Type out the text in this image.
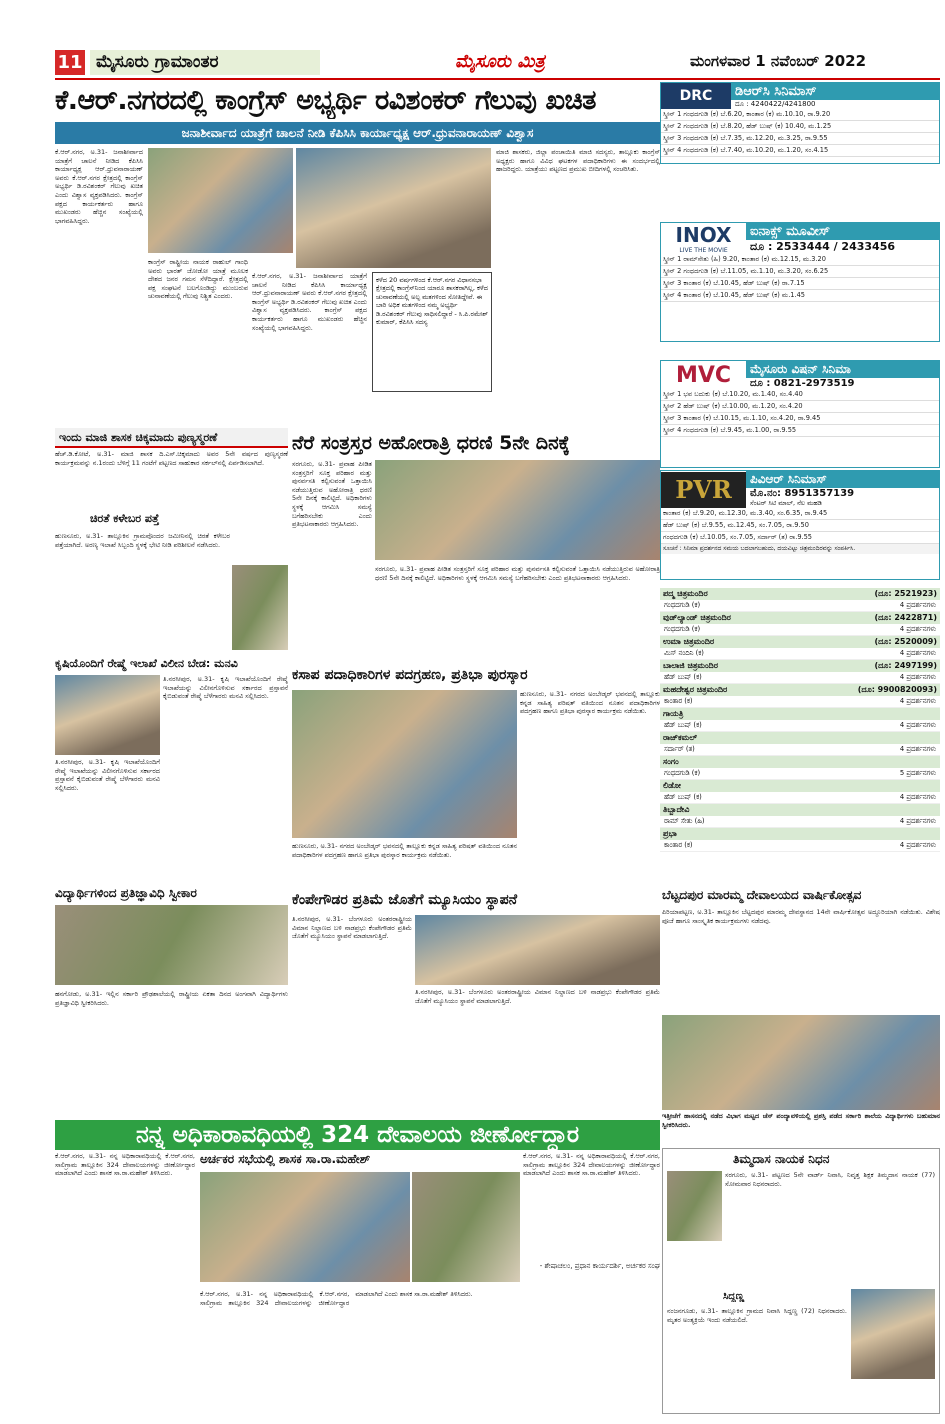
11 ಮೈಸೂರು ಗ್ರಾಮಾಂತರ	ಮೈಸೂರು ಮಿತ್ರ	ಮಂಗಳವಾರ 1 ನವೆಂಬರ್ 2022
ಕೆ.ಆರ್.ನಗರದಲ್ಲಿ ಕಾಂಗ್ರೆಸ್ ಅಭ್ಯರ್ಥಿ ರವಿಶಂಕರ್ ಗೆಲುವು ಖಚಿತ
ಜನಾಶೀರ್ವಾದ ಯಾತ್ರೆಗೆ ಚಾಲನೆ ನೀಡಿ ಕೆಪಿಸಿಸಿ ಕಾರ್ಯಾಧ್ಯಕ್ಷ ಆರ್.ಧ್ರುವನಾರಾಯಣ್ ವಿಶ್ವಾಸ
ಕೆ.ಆರ್.ನಗರ, ಅ.31- ಜನಾಶೀರ್ವಾದ ಯಾತ್ರೆಗೆ ಚಾಲನೆ ನೀಡಿದ ಕೆಪಿಸಿಸಿ ಕಾರ್ಯಾಧ್ಯಕ್ಷ ಆರ್.ಧ್ರುವನಾರಾಯಣ್ ಅವರು ಕೆ.ಆರ್.ನಗರ ಕ್ಷೇತ್ರದಲ್ಲಿ ಕಾಂಗ್ರೆಸ್ ಅಭ್ಯರ್ಥಿ ಡಿ.ರವಿಶಂಕರ್ ಗೆಲುವು ಖಚಿತ ಎಂದು ವಿಶ್ವಾಸ ವ್ಯಕ್ತಪಡಿಸಿದರು. ಕಾಂಗ್ರೆಸ್ ಪಕ್ಷದ ಕಾರ್ಯಕರ್ತರು ಹಾಗೂ ಮುಖಂಡರು ಹೆಚ್ಚಿನ ಸಂಖ್ಯೆಯಲ್ಲಿ ಭಾಗವಹಿಸಿದ್ದರು.
ಕಾಂಗ್ರೆಸ್ ರಾಷ್ಟ್ರೀಯ ನಾಯಕ ರಾಹುಲ್ ಗಾಂಧಿ ಅವರು ಭಾರತ್ ಜೋಡೋ ಯಾತ್ರೆ ಮೂಲಕ ದೇಶದ ಜನರ ಗಮನ ಸೆಳೆದಿದ್ದಾರೆ. ಕ್ಷೇತ್ರದಲ್ಲಿ ಪಕ್ಷ ಸಂಘಟನೆ ಬಲಗೊಂಡಿದ್ದು ಮುಂಬರುವ ಚುನಾವಣೆಯಲ್ಲಿ ಗೆಲುವು ನಿಶ್ಚಿತ ಎಂದರು.
ಕೆ.ಆರ್.ನಗರ, ಅ.31- ಜನಾಶೀರ್ವಾದ ಯಾತ್ರೆಗೆ ಚಾಲನೆ ನೀಡಿದ ಕೆಪಿಸಿಸಿ ಕಾರ್ಯಾಧ್ಯಕ್ಷ ಆರ್.ಧ್ರುವನಾರಾಯಣ್ ಅವರು ಕೆ.ಆರ್.ನಗರ ಕ್ಷೇತ್ರದಲ್ಲಿ ಕಾಂಗ್ರೆಸ್ ಅಭ್ಯರ್ಥಿ ಡಿ.ರವಿಶಂಕರ್ ಗೆಲುವು ಖಚಿತ ಎಂದು ವಿಶ್ವಾಸ ವ್ಯಕ್ತಪಡಿಸಿದರು. ಕಾಂಗ್ರೆಸ್ ಪಕ್ಷದ ಕಾರ್ಯಕರ್ತರು ಹಾಗೂ ಮುಖಂಡರು ಹೆಚ್ಚಿನ ಸಂಖ್ಯೆಯಲ್ಲಿ ಭಾಗವಹಿಸಿದ್ದರು.
ಕಳೆದ 20 ವರ್ಷಗಳಿಂದ ಕೆ.ಆರ್.ನಗರ ವಿಧಾನಸಭಾ ಕ್ಷೇತ್ರದಲ್ಲಿ ಕಾಂಗ್ರೆಸ್‌ನಿಂದ ಯಾರೂ ಶಾಸಕರಾಗಿಲ್ಲ, ಕಳೆದ ಚುನಾವಣೆಯಲ್ಲಿ ಅಲ್ಪ ಮತಗಳಿಂದ ಸೋತಿದ್ದೇವೆ. ಈ ಬಾರಿ ಅಧಿಕ ಮತಗಳಿಂದ ನಮ್ಮ ಅಭ್ಯರ್ಥಿ ಡಿ.ರವಿಶಂಕರ್ ಗೆಲುವು ಸಾಧಿಸಲಿದ್ದಾರೆ - ಸಿ.ಪಿ.ರಮೇಶ್ ಕುಮಾರ್, ಕೆಪಿಸಿಸಿ ಸದಸ್ಯ
ಮಾಜಿ ಶಾಸಕರು, ಜಿಲ್ಲಾ ಪಂಚಾಯಿತಿ ಮಾಜಿ ಸದಸ್ಯರು, ತಾಲ್ಲೂಕು ಕಾಂಗ್ರೆಸ್ ಅಧ್ಯಕ್ಷರು ಹಾಗೂ ವಿವಿಧ ಘಟಕಗಳ ಪದಾಧಿಕಾರಿಗಳು ಈ ಸಂದರ್ಭದಲ್ಲಿ ಹಾಜರಿದ್ದರು. ಯಾತ್ರೆಯು ಪಟ್ಟಣದ ಪ್ರಮುಖ ಬೀದಿಗಳಲ್ಲಿ ಸಂಚರಿಸಿತು.
ಇಂದು ಮಾಜಿ ಶಾಸಕ ಚಿಕ್ಕಮಾದು ಪುಣ್ಯಸ್ಮರಣೆ
ಹೆಚ್.ಡಿ.ಕೋಟೆ, ಅ.31- ಮಾಜಿ ಶಾಸಕ ದಿ.ಎಸ್.ಚಿಕ್ಕಮಾದು ಅವರ 5ನೇ ವರ್ಷದ ಪುಣ್ಯಸ್ಮರಣೆ ಕಾರ್ಯಕ್ರಮವನ್ನು ನ.1ರಂದು ಬೆಳಿಗ್ಗೆ 11 ಗಂಟೆಗೆ ಪಟ್ಟಣದ ಸಾಹುಕಾರ ಸರ್ಕಲ್‌ನಲ್ಲಿ ಏರ್ಪಡಿಸಲಾಗಿದೆ.
ಚಿರತೆ ಕಳೇಬರ ಪತ್ತೆ
ಹುಣಸೂರು, ಅ.31- ತಾಲ್ಲೂಕಿನ ಗ್ರಾಮವೊಂದರ ಜಮೀನಿನಲ್ಲಿ ಚಿರತೆ ಕಳೇಬರ ಪತ್ತೆಯಾಗಿದೆ. ಅರಣ್ಯ ಇಲಾಖೆ ಸಿಬ್ಬಂದಿ ಸ್ಥಳಕ್ಕೆ ಭೇಟಿ ನೀಡಿ ಪರಿಶೀಲನೆ ನಡೆಸಿದರು.
ನೆರೆ ಸಂತ್ರಸ್ತರ ಅಹೋರಾತ್ರಿ ಧರಣಿ 5ನೇ ದಿನಕ್ಕೆ
ಸರಗೂರು, ಅ.31- ಪ್ರವಾಹ ಪೀಡಿತ ಸಂತ್ರಸ್ತರಿಗೆ ಸೂಕ್ತ ಪರಿಹಾರ ಮತ್ತು ಪುನರ್ವಸತಿ ಕಲ್ಪಿಸುವಂತೆ ಒತ್ತಾಯಿಸಿ ನಡೆಯುತ್ತಿರುವ ಅಹೋರಾತ್ರಿ ಧರಣಿ 5ನೇ ದಿನಕ್ಕೆ ಕಾಲಿಟ್ಟಿದೆ. ಅಧಿಕಾರಿಗಳು ಸ್ಥಳಕ್ಕೆ ಆಗಮಿಸಿ ಸಮಸ್ಯೆ ಬಗೆಹರಿಸಬೇಕು ಎಂದು ಪ್ರತಿಭಟನಾಕಾರರು ಆಗ್ರಹಿಸಿದರು.
ಸರಗೂರು, ಅ.31- ಪ್ರವಾಹ ಪೀಡಿತ ಸಂತ್ರಸ್ತರಿಗೆ ಸೂಕ್ತ ಪರಿಹಾರ ಮತ್ತು ಪುನರ್ವಸತಿ ಕಲ್ಪಿಸುವಂತೆ ಒತ್ತಾಯಿಸಿ ನಡೆಯುತ್ತಿರುವ ಅಹೋರಾತ್ರಿ ಧರಣಿ 5ನೇ ದಿನಕ್ಕೆ ಕಾಲಿಟ್ಟಿದೆ. ಅಧಿಕಾರಿಗಳು ಸ್ಥಳಕ್ಕೆ ಆಗಮಿಸಿ ಸಮಸ್ಯೆ ಬಗೆಹರಿಸಬೇಕು ಎಂದು ಪ್ರತಿಭಟನಾಕಾರರು ಆಗ್ರಹಿಸಿದರು.
ಕೃಷಿಯೊಂದಿಗೆ ರೇಷ್ಮೆ ಇಲಾಖೆ ವಿಲೀನ ಬೇಡ: ಮನವಿ
ತಿ.ನರಸೀಪುರ, ಅ.31- ಕೃಷಿ ಇಲಾಖೆಯೊಂದಿಗೆ ರೇಷ್ಮೆ ಇಲಾಖೆಯನ್ನು ವಿಲೀನಗೊಳಿಸುವ ಸರ್ಕಾರದ ಪ್ರಸ್ತಾವನೆ ಕೈಬಿಡುವಂತೆ ರೇಷ್ಮೆ ಬೆಳೆಗಾರರು ಮನವಿ ಸಲ್ಲಿಸಿದರು.
ತಿ.ನರಸೀಪುರ, ಅ.31- ಕೃಷಿ ಇಲಾಖೆಯೊಂದಿಗೆ ರೇಷ್ಮೆ ಇಲಾಖೆಯನ್ನು ವಿಲೀನಗೊಳಿಸುವ ಸರ್ಕಾರದ ಪ್ರಸ್ತಾವನೆ ಕೈಬಿಡುವಂತೆ ರೇಷ್ಮೆ ಬೆಳೆಗಾರರು ಮನವಿ ಸಲ್ಲಿಸಿದರು.
ಕಸಾಪ ಪದಾಧಿಕಾರಿಗಳ ಪದಗ್ರಹಣ, ಪ್ರತಿಭಾ ಪುರಸ್ಕಾರ
ಹುಣಸೂರು, ಅ.31- ನಗರದ ಅಂಬೇಡ್ಕರ್ ಭವನದಲ್ಲಿ ತಾಲ್ಲೂಕು ಕನ್ನಡ ಸಾಹಿತ್ಯ ಪರಿಷತ್ ವತಿಯಿಂದ ನೂತನ ಪದಾಧಿಕಾರಿಗಳ ಪದಗ್ರಹಣ ಹಾಗೂ ಪ್ರತಿಭಾ ಪುರಸ್ಕಾರ ಕಾರ್ಯಕ್ರಮ ನಡೆಯಿತು.
ಹುಣಸೂರು, ಅ.31- ನಗರದ ಅಂಬೇಡ್ಕರ್ ಭವನದಲ್ಲಿ ತಾಲ್ಲೂಕು ಕನ್ನಡ ಸಾಹಿತ್ಯ ಪರಿಷತ್ ವತಿಯಿಂದ ನೂತನ ಪದಾಧಿಕಾರಿಗಳ ಪದಗ್ರಹಣ ಹಾಗೂ ಪ್ರತಿಭಾ ಪುರಸ್ಕಾರ ಕಾರ್ಯಕ್ರಮ ನಡೆಯಿತು.
ವಿದ್ಯಾರ್ಥಿಗಳಿಂದ ಪ್ರತಿಜ್ಞಾವಿಧಿ ಸ್ವೀಕಾರ
ಹನಗೋಡು, ಅ.31- ಇಲ್ಲಿನ ಸರ್ಕಾರಿ ಪ್ರೌಢಶಾಲೆಯಲ್ಲಿ ರಾಷ್ಟ್ರೀಯ ಏಕತಾ ದಿನದ ಅಂಗವಾಗಿ ವಿದ್ಯಾರ್ಥಿಗಳು ಪ್ರತಿಜ್ಞಾವಿಧಿ ಸ್ವೀಕರಿಸಿದರು.
ಕೆಂಪೇಗೌಡರ ಪ್ರತಿಮೆ ಜೊತೆಗೆ ಮ್ಯೂಸಿಯಂ ಸ್ಥಾಪನೆ
ತಿ.ನರಸೀಪುರ, ಅ.31- ಬೆಂಗಳೂರು ಅಂತರರಾಷ್ಟ್ರೀಯ ವಿಮಾನ ನಿಲ್ದಾಣದ ಬಳಿ ನಾಡಪ್ರಭು ಕೆಂಪೇಗೌಡರ ಪ್ರತಿಮೆ ಜೊತೆಗೆ ಮ್ಯೂಸಿಯಂ ಸ್ಥಾಪನೆ ಮಾಡಲಾಗುತ್ತಿದೆ.
ತಿ.ನರಸೀಪುರ, ಅ.31- ಬೆಂಗಳೂರು ಅಂತರರಾಷ್ಟ್ರೀಯ ವಿಮಾನ ನಿಲ್ದಾಣದ ಬಳಿ ನಾಡಪ್ರಭು ಕೆಂಪೇಗೌಡರ ಪ್ರತಿಮೆ ಜೊತೆಗೆ ಮ್ಯೂಸಿಯಂ ಸ್ಥಾಪನೆ ಮಾಡಲಾಗುತ್ತಿದೆ.
ನನ್ನ ಅಧಿಕಾರಾವಧಿಯಲ್ಲಿ 324 ದೇವಾಲಯ ಜೀರ್ಣೋದ್ಧಾರ
ಅರ್ಚಕರ ಸಭೆಯಲ್ಲಿ ಶಾಸಕ ಸಾ.ರಾ.ಮಹೇಶ್
ಕೆ.ಆರ್.ನಗರ, ಅ.31- ನನ್ನ ಅಧಿಕಾರಾವಧಿಯಲ್ಲಿ ಕೆ.ಆರ್.ನಗರ, ಸಾಲಿಗ್ರಾಮ ತಾಲ್ಲೂಕಿನ 324 ದೇವಾಲಯಗಳನ್ನು ಜೀರ್ಣೋದ್ಧಾರ ಮಾಡಲಾಗಿದೆ ಎಂದು ಶಾಸಕ ಸಾ.ರಾ.ಮಹೇಶ್ ತಿಳಿಸಿದರು.
ಕೆ.ಆರ್.ನಗರ, ಅ.31- ನನ್ನ ಅಧಿಕಾರಾವಧಿಯಲ್ಲಿ ಕೆ.ಆರ್.ನಗರ, ಸಾಲಿಗ್ರಾಮ ತಾಲ್ಲೂಕಿನ 324 ದೇವಾಲಯಗಳನ್ನು ಜೀರ್ಣೋದ್ಧಾರ ಮಾಡಲಾಗಿದೆ ಎಂದು ಶಾಸಕ ಸಾ.ರಾ.ಮಹೇಶ್ ತಿಳಿಸಿದರು.
- ಶೇಷಾಚಲಂ, ಪ್ರಧಾನ ಕಾರ್ಯದರ್ಶಿ, ಅರ್ಚಕರ ಸಂಘ
ಕೆ.ಆರ್.ನಗರ, ಅ.31- ನನ್ನ ಅಧಿಕಾರಾವಧಿಯಲ್ಲಿ ಕೆ.ಆರ್.ನಗರ, ಸಾಲಿಗ್ರಾಮ ತಾಲ್ಲೂಕಿನ 324 ದೇವಾಲಯಗಳನ್ನು ಜೀರ್ಣೋದ್ಧಾರ ಮಾಡಲಾಗಿದೆ ಎಂದು ಶಾಸಕ ಸಾ.ರಾ.ಮಹೇಶ್ ತಿಳಿಸಿದರು.
DRC	ಡಿಆರ್‌ಸಿ ಸಿನಿಮಾಸ್
ದೂ : 4240422/4241800
ಸ್ಕ್ರೀನ್ 1 ಗಂಧದಗುಡಿ (ಕ) ಬೆ.6.20, ಕಾಂತಾರ (ಕ) ಮ.10.10, ರಾ.9.20
ಸ್ಕ್ರೀನ್ 2 ಗಂಧದಗುಡಿ (ಕ) ಬೆ.8.20, ಹೆಡ್ ಬುಷ್ (ಕ) 10.40, ಮ.1.25
ಸ್ಕ್ರೀನ್ 3 ಗಂಧದಗುಡಿ (ಕ) ಬೆ.7.35, ಮ.12.20, ಮ.3.25, ರಾ.9.55
ಸ್ಕ್ರೀನ್ 4 ಗಂಧದಗುಡಿ (ಕ) ಬೆ.7.40, ಮ.10.20, ಮ.1.20, ಸಂ.4.15
INOX
LIVE THE MOVIE
ಐನಾಕ್ಸ್ ಮೂವೀಸ್
ದೂ : 2533444 / 2433456
ಸ್ಕ್ರೀನ್ 1 ರಾಮ್‌ಸೇತು (ಹಿ) 9.20, ಕಾಂತಾರ (ಕ) ಮ.12.15, ಮ.3.20
ಸ್ಕ್ರೀನ್ 2 ಗಂಧದಗುಡಿ (ಕ) ಬೆ.11.05, ಮ.1.10, ಮ.3.20, ಸಂ.6.25
ಸ್ಕ್ರೀನ್ 3 ಕಾಂತಾರ (ಕ) ಬೆ.10.45, ಹೆಡ್ ಬುಷ್ (ಕ) ರಾ.7.15
ಸ್ಕ್ರೀನ್ 4 ಕಾಂತಾರ (ಕ) ಬೆ.10.45, ಹೆಡ್ ಬುಷ್ (ಕ) ಮ.1.45
MVC	ಮೈಸೂರು ವಿಷನ್ ಸಿನಿಮಾ
ದೂ : 0821-2973519
ಸ್ಕ್ರೀನ್ 1 ಭವ ಬದುಕು (ಕ) ಬೆ.10.20, ಮ.1.40, ಸಂ.4.40
ಸ್ಕ್ರೀನ್ 2 ಹೆಡ್ ಬುಷ್ (ಕ) ಬೆ.10.00, ಮ.1.20, ಸಂ.4.20
ಸ್ಕ್ರೀನ್ 3 ಕಾಂತಾರ (ಕ) ಬೆ.10.15, ಮ.1.10, ಸಂ.4.20, ರಾ.9.45
ಸ್ಕ್ರೀನ್ 4 ಗಂಧದಗುಡಿ (ಕ) ಬೆ.9.45, ಮ.1.00, ರಾ.9.55
PVR	ಪಿವಿಆರ್ ಸಿನಿಮಾಸ್
ಮೊ.ನಂ: 8951357139
ಸೆಂಟರ್ ಸಿಟಿ ಮಾಲ್, ನೆಲ ಮಹಡಿ
ಕಾಂತಾರ (ಕ) ಬೆ.9.20, ಮ.12.30, ಮ.3.40, ಸಂ.6.35, ರಾ.9.45
ಹೆಡ್ ಬುಷ್ (ಕ) ಬೆ.9.55, ಮ.12.45, ಸಂ.7.05, ರಾ.9.50
ಗಂಧದಗುಡಿ (ಕ) ಬೆ.10.05, ಸಂ.7.05, ಸರ್ದಾರ್ (ತ) ರಾ.9.55
ಸೂಚನೆ : ಸಿನಿಮಾ ಪ್ರದರ್ಶನದ ಸಮಯ ಬದಲಾಗಬಹುದು, ದಯವಿಟ್ಟು ಚಿತ್ರಮಂದಿರವನ್ನು ಸಂಪರ್ಕಿಸಿ.
ಪದ್ಮ ಚಿತ್ರಮಂದಿರ	(ದೂ: 2521923)
ಗಂಧದಗುಡಿ (ಕ)	4 ಪ್ರದರ್ಶನಗಳು
ವುಡ್‌ಲ್ಯಾಂಡ್ ಚಿತ್ರಮಂದಿರ	(ದೂ: 2422871)
ಗಂಧದಗುಡಿ (ಕ)	4 ಪ್ರದರ್ಶನಗಳು
ಉಮಾ ಚಿತ್ರಮಂದಿರ	(ದೂ: 2520009)
ಮಿಸ್ ನಂದಿನಿ (ಕ)	4 ಪ್ರದರ್ಶನಗಳು
ಬಾಲಾಜಿ ಚಿತ್ರಮಂದಿರ	(ದೂ: 2497199)
ಹೆಡ್ ಬುಷ್ (ಕ)	4 ಪ್ರದರ್ಶನಗಳು
ಮಹದೇಶ್ವರ ಚಿತ್ರಮಂದಿರ	(ದೂ: 9900820093)
ಕಾಂತಾರ (ಕ)	4 ಪ್ರದರ್ಶನಗಳು
ಗಾಯತ್ರಿ
ಹೆಡ್ ಬುಷ್ (ಕ)	4 ಪ್ರದರ್ಶನಗಳು
ರಾಜ್‌ಕಮಲ್
ಸರ್ದಾರ್ (ತ)	4 ಪ್ರದರ್ಶನಗಳು
ಸಂಗಂ
ಗಂಧದಗುಡಿ (ಕ)	5 ಪ್ರದರ್ಶನಗಳು
ಲಿಡೋ
ಹೆಡ್ ಬುಷ್ (ಕ)	4 ಪ್ರದರ್ಶನಗಳು
ತಿಬ್ಬಾದೇವಿ
ರಾಮ್ ಸೇತು (ಹಿ)	4 ಪ್ರದರ್ಶನಗಳು
ಪ್ರಭಾ
ಕಾಂತಾರ (ಕ)	4 ಪ್ರದರ್ಶನಗಳು
ಬೆಟ್ಟದಪುರ ಮಾರಮ್ಮ ದೇವಾಲಯದ ವಾರ್ಷಿಕೋತ್ಸವ
ಪಿರಿಯಾಪಟ್ಟಣ, ಅ.31- ತಾಲ್ಲೂಕಿನ ಬೆಟ್ಟದಪುರ ಮಾರಮ್ಮ ದೇವಸ್ಥಾನದ 14ನೇ ವಾರ್ಷಿಕೋತ್ಸವ ಅದ್ದೂರಿಯಾಗಿ ನಡೆಯಿತು. ವಿಶೇಷ ಪೂಜೆ ಹಾಗೂ ಸಾಂಸ್ಕೃತಿಕ ಕಾರ್ಯಕ್ರಮಗಳು ನಡೆದವು.
ಇತ್ತೀಚೆಗೆ ಹಾಸನದಲ್ಲಿ ನಡೆದ ವಿಭಾಗ ಮಟ್ಟದ ಚೆಸ್ ಪಂದ್ಯಾವಳಿಯಲ್ಲಿ ಪ್ರಶಸ್ತಿ ಪಡೆದ ಸರ್ಕಾರಿ ಶಾಲೆಯ ವಿದ್ಯಾರ್ಥಿಗಳು ಬಹುಮಾನ ಸ್ವೀಕರಿಸಿದರು.
ತಿಮ್ಮದಾಸ ನಾಯಕ ನಿಧನ
ಸರಗೂರು, ಅ.31- ಪಟ್ಟಣದ 5ನೇ ವಾರ್ಡ್ ನಿವಾಸಿ, ನಿವೃತ್ತ ಶಿಕ್ಷಕ ತಿಮ್ಮದಾಸ ನಾಯಕ (77) ಸೋಮವಾರ ನಿಧನರಾದರು.
ಸಿದ್ದಣ್ಣ
ನಂಜನಗೂಡು, ಅ.31- ತಾಲ್ಲೂಕಿನ ಗ್ರಾಮದ ನಿವಾಸಿ ಸಿದ್ದಣ್ಣ (72) ನಿಧನರಾದರು. ಮೃತರ ಅಂತ್ಯಕ್ರಿಯೆ ಇಂದು ನಡೆಯಲಿದೆ.
